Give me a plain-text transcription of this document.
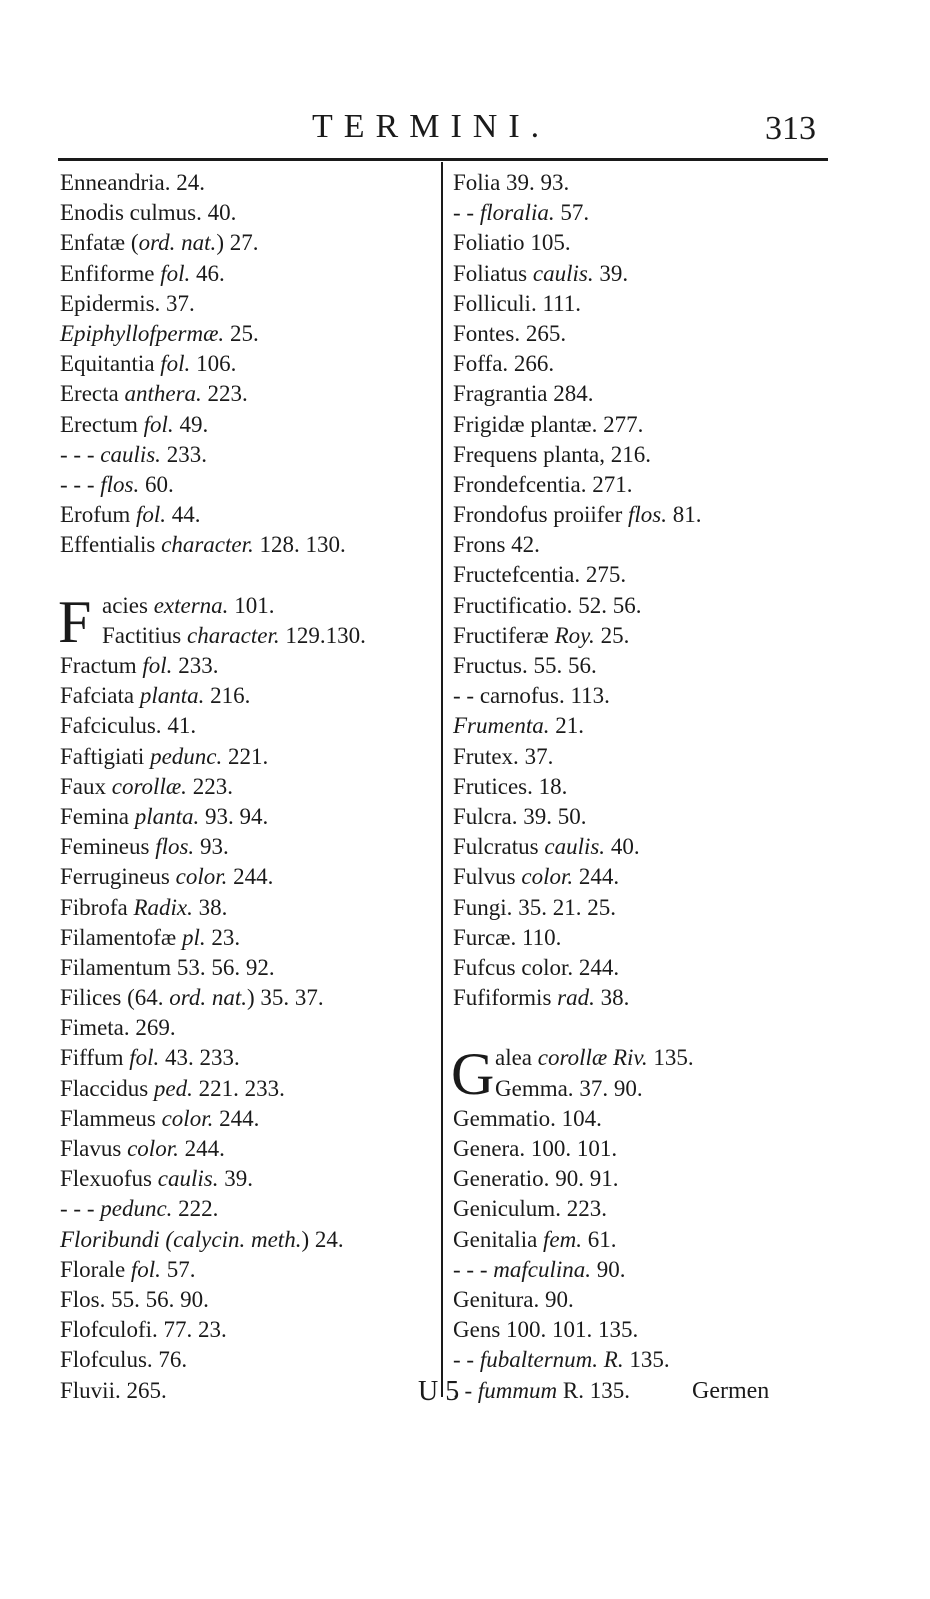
TERMINI.	313
Enneandria. 24.
Enodis culmus. 40.
Enfatæ (ord. nat.) 27.
Enfiforme fol. 46.
Epidermis. 37.
Epiphyllofpermæ. 25.
Equitantia fol. 106.
Erecta anthera. 223.
Erectum fol. 49.
- - - caulis. 233.
- - - flos. 60.
Erofum fol. 44.
Effentialis character. 128. 130.
F acies externa. 101.
Factitius character. 129.130.
Fractum fol. 233.
Fafciata planta. 216.
Fafciculus. 41.
Faftigiati pedunc. 221.
Faux corollæ. 223.
Femina planta. 93. 94.
Femineus flos. 93.
Ferrugineus color. 244.
Fibrofa Radix. 38.
Filamentofæ pl. 23.
Filamentum 53. 56. 92.
Filices (64. ord. nat.) 35. 37.
Fimeta. 269.
Fiffum fol. 43. 233.
Flaccidus ped. 221. 233.
Flammeus color. 244.
Flavus color. 244.
Flexuofus caulis. 39.
- - - pedunc. 222.
Floribundi (calycin. meth.) 24.
Florale fol. 57.
Flos. 55. 56. 90.
Flofculofi. 77. 23.
Flofculus. 76.
Fluvii. 265.
Folia 39. 93.
- - floralia. 57.
Foliatio 105.
Foliatus caulis. 39.
Folliculi. 111.
Fontes. 265.
Foffa. 266.
Fragrantia 284.
Frigidæ plantæ. 277.
Frequens planta, 216.
Frondefcentia. 271.
Frondofus proiifer flos. 81.
Frons 42.
Fructefcentia. 275.
Fructificatio. 52. 56.
Fructiferæ Roy. 25.
Fructus. 55. 56.
- - carnofus. 113.
Frumenta. 21.
Frutex. 37.
Frutices. 18.
Fulcra. 39. 50.
Fulcratus caulis. 40.
Fulvus color. 244.
Fungi. 35. 21. 25.
Furcæ. 110.
Fufcus color. 244.
Fufiformis rad. 38.
G alea corollæ Riv. 135.
Gemma. 37. 90.
Gemmatio. 104.
Genera. 100. 101.
Generatio. 90. 91.
Geniculum. 223.
Genitalia fem. 61.
- - - mafculina. 90.
Genitura. 90.
Gens 100. 101. 135.
- - fubalternum. R. 135.
. - fummum R. 135.
U 5	Germen
